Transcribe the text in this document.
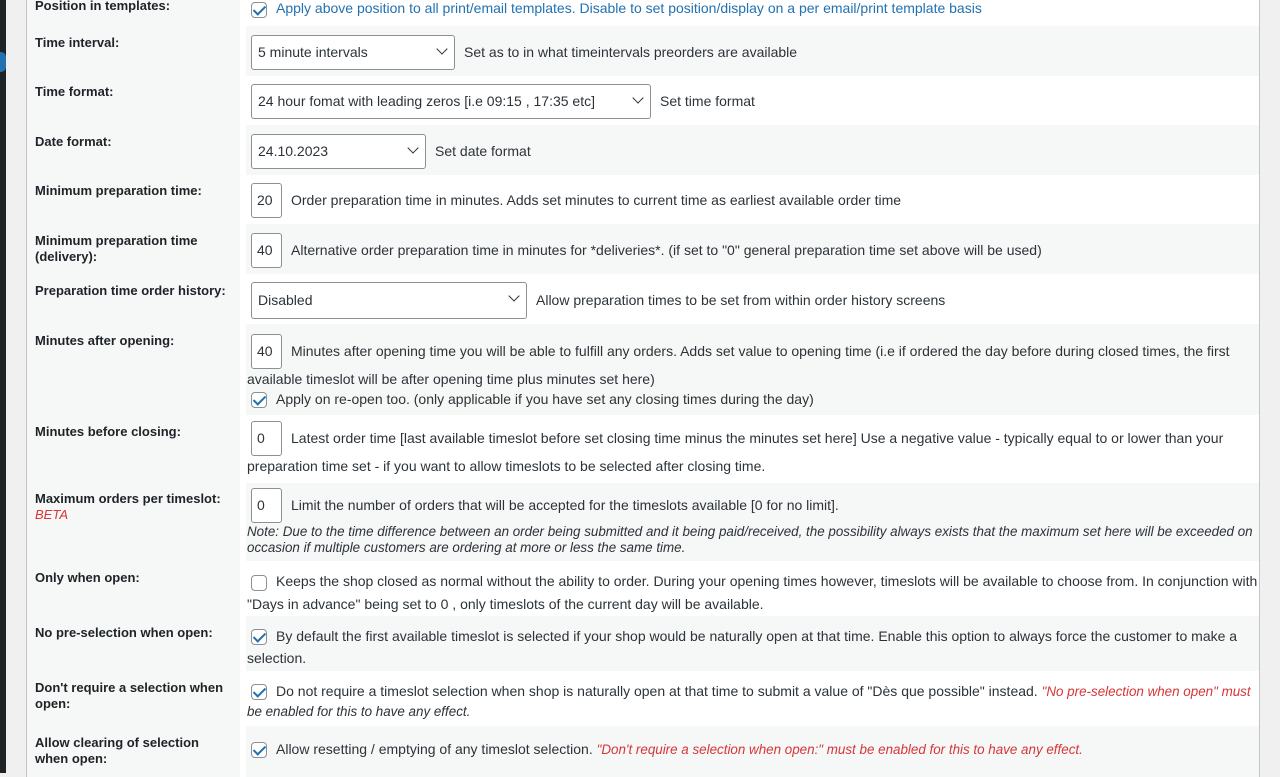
Position in templates:	Apply above position to all print/email templates. Disable to set position/display on a per email/print template basis
Time interval:
5 minute intervals	Set as to in what timeintervals preorders are available
Time format:
24 hour fomat with leading zeros [i.e 09:15 , 17:35 etc]	Set time format
Date format:
24.10.2023	Set date format
Minimum preparation time:
20	Order preparation time in minutes. Adds set minutes to current time as earliest available order time
Minimum preparation time (delivery):	40	Alternative order preparation time in minutes for *deliveries*. (if set to "0" general preparation time set above will be used)
Preparation time order history:
Disabled	Allow preparation times to be set from within order history screens
Minutes after opening:
40	Minutes after opening time you will be able to fulfill any orders. Adds set value to opening time (i.e if ordered the day before during closed times, the first
available timeslot will be after opening time plus minutes set here)
Apply on re-open too. (only applicable if you have set any closing times during the day)
Minutes before closing:	0	Latest order time [last available timeslot before set closing time minus the minutes set here] Use a negative value - typically equal to or lower than your
preparation time set - if you want to allow timeslots to be selected after closing time.
Maximum orders per timeslot:
BETA
0	Limit the number of orders that will be accepted for the timeslots available [0 for no limit].
Note: Due to the time difference between an order being submitted and it being paid/received, the possibility always exists that the maximum set here will be exceeded on
occasion if multiple customers are ordering at more or less the same time.
Only when open:	Keeps the shop closed as normal without the ability to order. During your opening times however, timeslots will be available to choose from. In conjunction with
"Days in advance" being set to 0 , only timeslots of the current day will be available.
No pre-selection when open:	By default the first available timeslot is selected if your shop would be naturally open at that time. Enable this option to always force the customer to make a
selection.
Don't require a selection when open:
Do not require a timeslot selection when shop is naturally open at that time to submit a value of "Dès que possible" instead. "No pre-selection when open" must
be enabled for this to have any effect.
Allow clearing of selection when open:
Allow resetting / emptying of any timeslot selection. "Don't require a selection when open:" must be enabled for this to have any effect.
